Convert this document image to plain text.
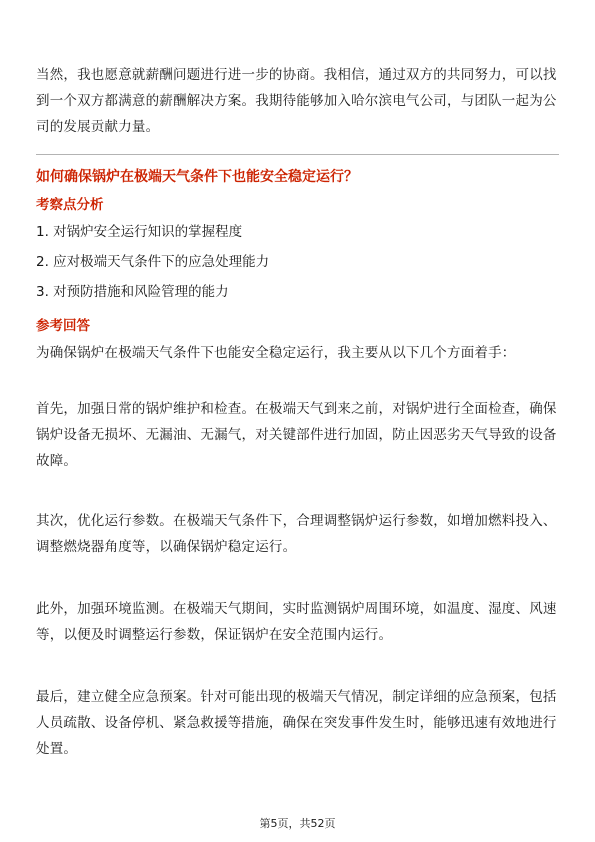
当然，我也愿意就薪酬问题进行进一步的协商。我相信，通过双方的共同努力，可以找到一个双方都满意的薪酬解决方案。我期待能够加入哈尔滨电气公司，与团队一起为公司的发展贡献力量。

如何确保锅炉在极端天气条件下也能安全稳定运行？

考察点分析

1. 对锅炉安全运行知识的掌握程度

2. 应对极端天气条件下的应急处理能力

3. 对预防措施和风险管理的能力

参考回答

为确保锅炉在极端天气条件下也能安全稳定运行，我主要从以下几个方面着手：

首先，加强日常的锅炉维护和检查。在极端天气到来之前，对锅炉进行全面检查，确保锅炉设备无损坏、无漏油、无漏气，对关键部件进行加固，防止因恶劣天气导致的设备故障。

其次，优化运行参数。在极端天气条件下，合理调整锅炉运行参数，如增加燃料投入、调整燃烧器角度等，以确保锅炉稳定运行。

此外，加强环境监测。在极端天气期间，实时监测锅炉周围环境，如温度、湿度、风速等，以便及时调整运行参数，保证锅炉在安全范围内运行。

最后，建立健全应急预案。针对可能出现的极端天气情况，制定详细的应急预案，包括人员疏散、设备停机、紧急救援等措施，确保在突发事件发生时，能够迅速有效地进行处置。

第5页，共52页
